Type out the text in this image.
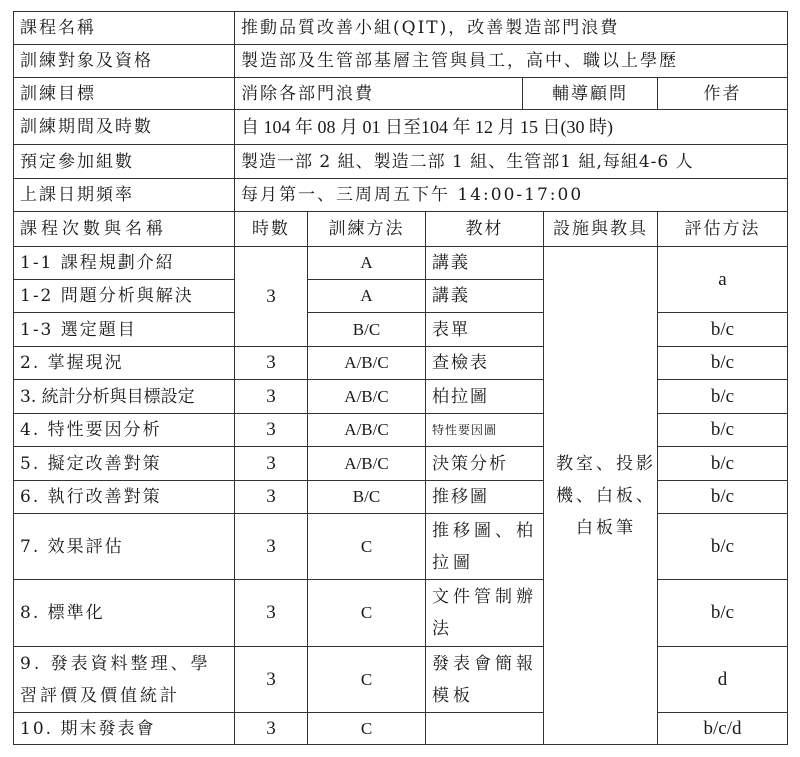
課程名稱	推動品質改善小組(QIT)，改善製造部門浪費					
訓練對象及資格	製造部及生管部基層主管與員工，高中、職以上學歷					
訓練目標	消除各部門浪費			輔導顧問		作者
訓練期間及時數	自 104 年 08 月 01 日至104 年 12 月 15 日(30 時)					
預定參加組數	製造一部 2 組、製造二部 1 組、生管部1 組,每組4-6 人					
上課日期頻率	每月第一、三周周五下午 14:00-17:00					
課程次數與名稱	時數	訓練方法	教材		設施與教具	評估方法
1-1 課程規劃介紹	3	A	講義		教室、投影機、白板、白板筆	a
1-2 問題分析與解決		A	講義			
1-3 選定題目		B/C	表單			b/c
2. 掌握現況	3	A/B/C	查檢表			b/c
3. 統計分析與目標設定	3	A/B/C	柏拉圖			b/c
4. 特性要因分析	3	A/B/C	特性要因圖			b/c
5. 擬定改善對策	3	A/B/C	決策分析			b/c
6. 執行改善對策	3	B/C	推移圖			b/c
7. 效果評估	3	C	推移圖、柏拉圖			b/c
8. 標準化	3	C	文件管制辦法			b/c
9. 發表資料整理、學習評價及價值統計	3	C	發表會簡報模板			d
10. 期末發表會	3	C				b/c/d
